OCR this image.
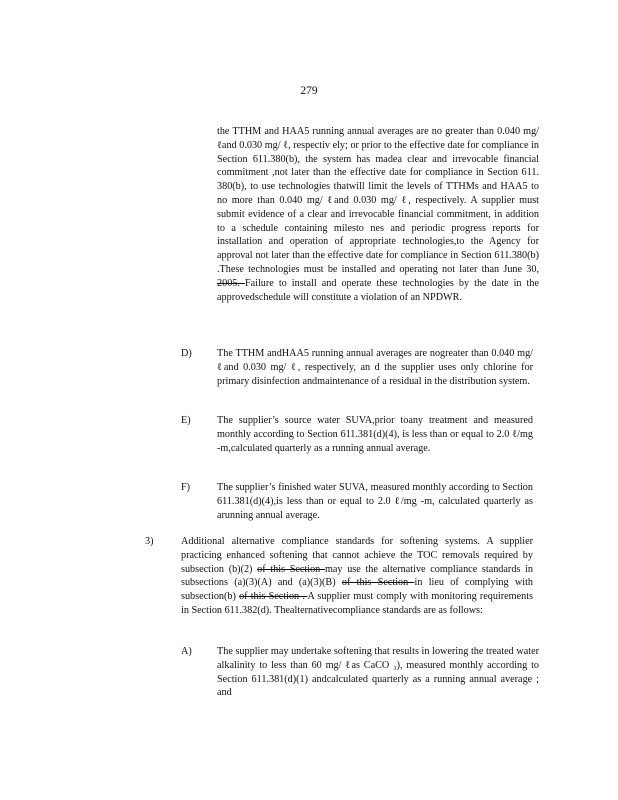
279

the TTHM and HAA5 running annual averages are no greater than 0.040 mg/ ℓand 0.030 mg/ ℓ, respectiv ely; or prior to the effective date for compliance in Section 611.380(b), the system has madea clear and irrevocable financial commitment ,not later than the effective date for compliance in Section 611. 380(b), to use technologies thatwill limit the levels of TTHMs and HAA5 to no more than 0.040 mg/ ℓand 0.030 mg/ ℓ, respectively. A supplier must submit evidence of a clear and irrevocable financial commitment, in addition to a schedule containing milesto nes and periodic progress reports for installation and operation of appropriate technologies,to the Agency for approval not later than the effective date for compliance in Section 611.380(b) .These technologies must be installed and operating not later than June 30, 2005. Failure to install and operate these technologies by the date in the approvedschedule will constitute a violation of an NPDWR.

D) The TTHM andHAA5 running annual averages are nogreater than 0.040 mg/ ℓand 0.030 mg/ ℓ, respectively, an d the supplier uses only chlorine for primary disinfection andmaintenance of a residual in the distribution system.
E)	The supplier’s source water SUVA,prior toany treatment and measured monthly according to Section 611.381(d)(4), is less than or equal to 2.0 ℓ/mg -m,calculated quarterly as a running annual average.
F)	The supplier’s finished water SUVA, measured monthly according to Section 611.381(d)(4),is less than or equal to 2.0 ℓ/mg -m, calculated quarterly as arunning annual average.
3)	Additional alternative compliance standards for softening systems. A supplier practicing enhanced softening that cannot achieve the TOC removals required by subsection (b)(2) of this Section may use the alternative compliance standards in subsections (a)(3)(A) and (a)(3)(B) of this Section in lieu of complying with subsection(b) of this Section . A supplier must comply with monitoring requirements in Section 611.382(d). Thealternativecompliance standards are as follows:

A) The supplier may undertake softening that results in lowering the treated water alkalinity to less than 60 mg/ ℓas CaCO ₃), measured monthly according to Section 611.381(d)(1) andcalculated quarterly as a running annual average ; and
